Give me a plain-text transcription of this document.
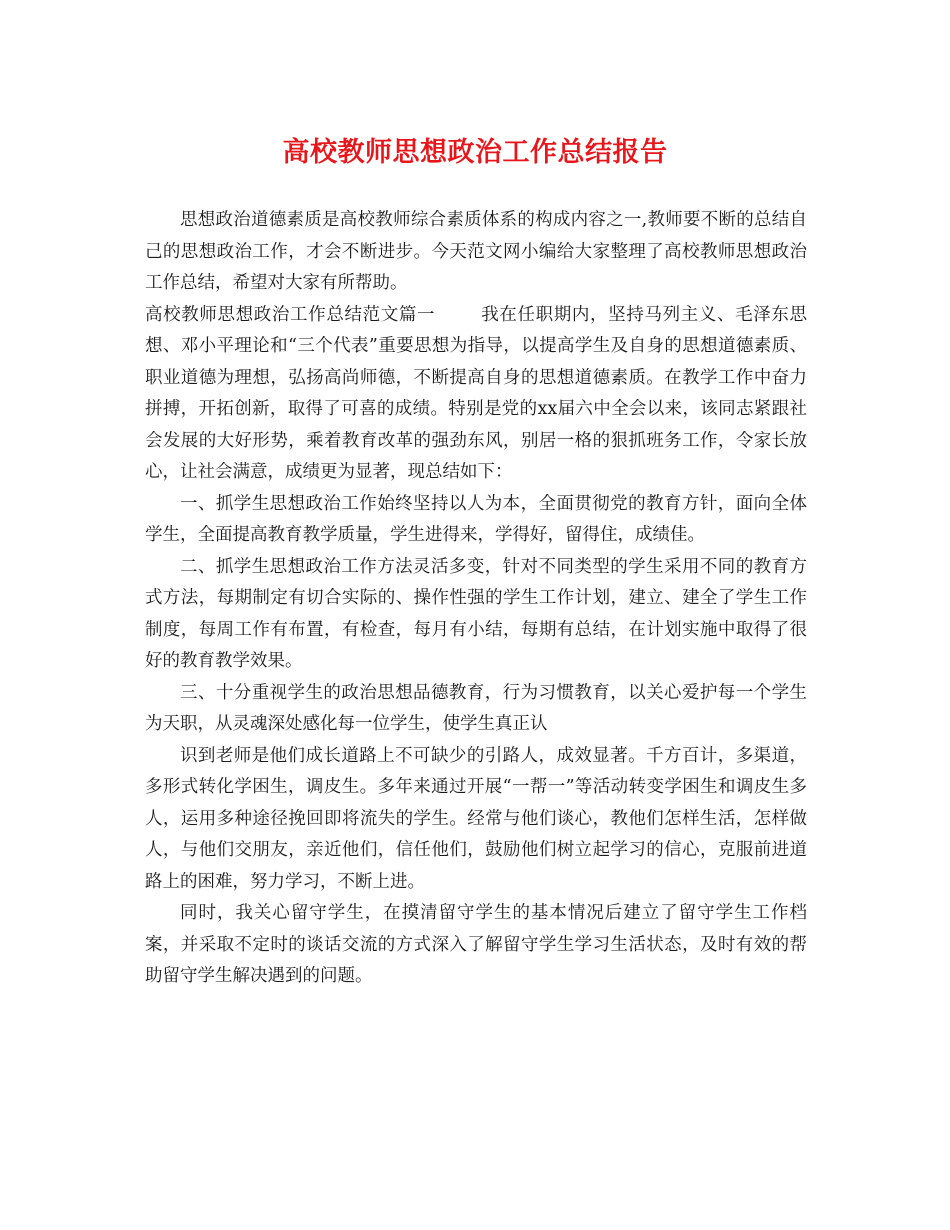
高校教师思想政治工作总结报告

思想政治道德素质是高校教师综合素质体系的构成内容之一,教师要不断的总结自己的思想政治工作，才会不断进步。今天范文网小编给大家整理了高校教师思想政治工作总结，希望对大家有所帮助。

高校教师思想政治工作总结范文篇一	我在任职期内，坚持马列主义、毛泽东思想、邓小平理论和“三个代表”重要思想为指导，以提高学生及自身的思想道德素质、职业道德为理想，弘扬高尚师德，不断提高自身的思想道德素质。在教学工作中奋力拼搏，开拓创新，取得了可喜的成绩。特别是党的xx届六中全会以来，该同志紧跟社会发展的大好形势，乘着教育改革的强劲东风，别居一格的狠抓班务工作，令家长放心，让社会满意，成绩更为显著，现总结如下：

一、抓学生思想政治工作始终坚持以人为本，全面贯彻党的教育方针，面向全体学生，全面提高教育教学质量，学生进得来，学得好，留得住，成绩佳。

二、抓学生思想政治工作方法灵活多变，针对不同类型的学生采用不同的教育方式方法，每期制定有切合实际的、操作性强的学生工作计划，建立、建全了学生工作制度，每周工作有布置，有检查，每月有小结，每期有总结，在计划实施中取得了很好的教育教学效果。

三、十分重视学生的政治思想品德教育，行为习惯教育，以关心爱护每一个学生为天职，从灵魂深处感化每一位学生，使学生真正认

识到老师是他们成长道路上不可缺少的引路人，成效显著。千方百计，多渠道，多形式转化学困生，调皮生。多年来通过开展“一帮一”等活动转变学困生和调皮生多人，运用多种途径挽回即将流失的学生。经常与他们谈心，教他们怎样生活，怎样做人，与他们交朋友，亲近他们，信任他们，鼓励他们树立起学习的信心，克服前进道路上的困难，努力学习，不断上进。

同时，我关心留守学生，在摸清留守学生的基本情况后建立了留守学生工作档案，并采取不定时的谈话交流的方式深入了解留守学生学习生活状态，及时有效的帮助留守学生解决遇到的问题。
